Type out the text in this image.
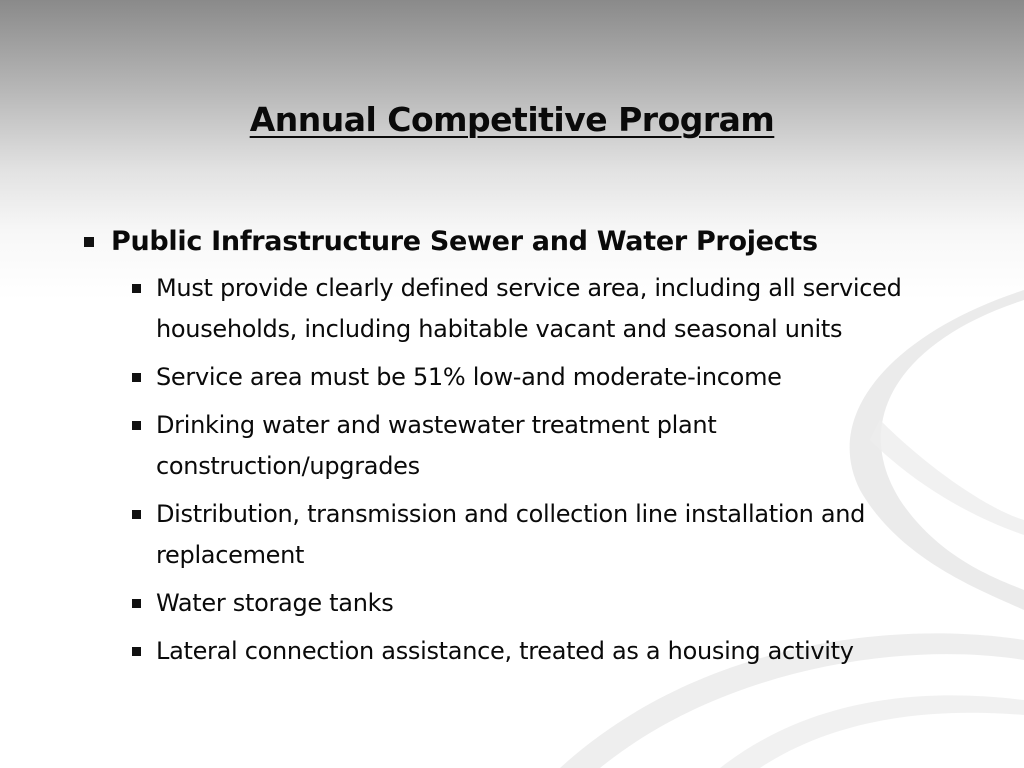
Annual Competitive Program
Public Infrastructure Sewer and Water Projects
Must provide clearly defined service area, including all serviced households, including habitable vacant and seasonal units
Service area must be 51% low-and moderate-income
Drinking water and wastewater treatment plant construction/upgrades
Distribution, transmission and collection line installation and replacement
Water storage tanks
Lateral connection assistance, treated as a housing activity
